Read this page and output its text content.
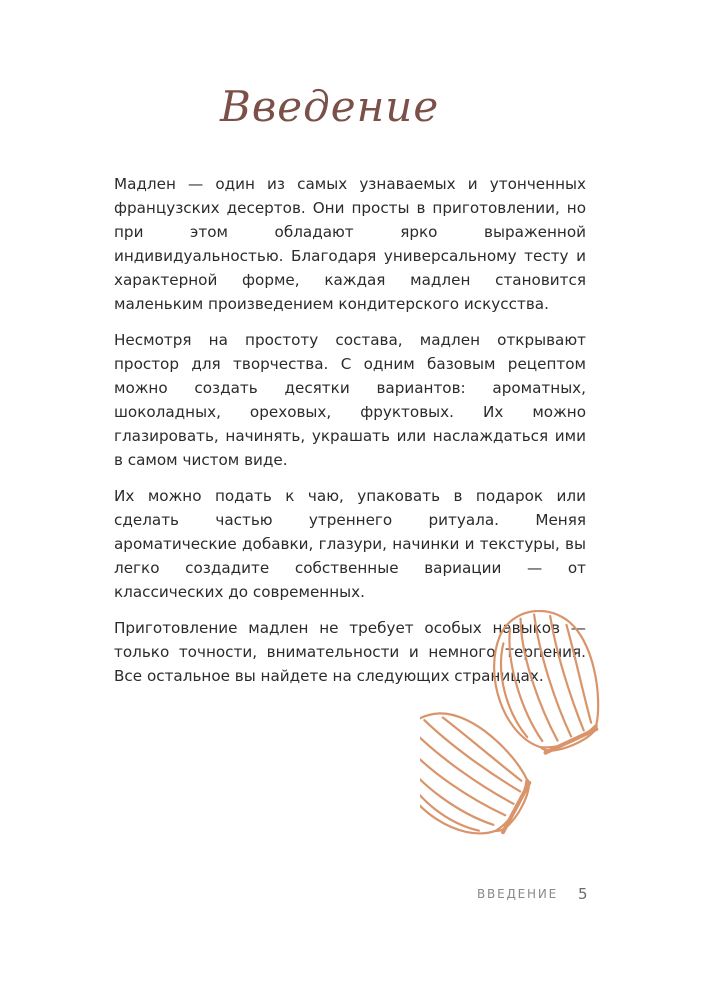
Введение

Мадлен — один из самых узнаваемых и утонченных французских десертов. Они просты в приготовлении, но при этом обладают ярко выраженной индивидуальностью. Благодаря универсальному тесту и характерной форме, каждая мадлен становится маленьким произведением кондитерского искусства.

Несмотря на простоту состава, мадлен открывают простор для творчества. С одним базовым рецептом можно создать десятки вариантов: ароматных, шоколадных, ореховых, фруктовых. Их можно глазировать, начинять, украшать или наслаждаться ими в самом чистом виде.

Их можно подать к чаю, упаковать в подарок или сделать частью утреннего ритуала. Меняя ароматические добавки, глазури, начинки и текстуры, вы легко создадите собственные вариации — от классических до современных.

Приготовление мадлен не требует особых навыков — только точности, внимательности и немного терпения. Все остальное вы найдете на следующих страницах.

ВВЕДЕНИЕ 5
